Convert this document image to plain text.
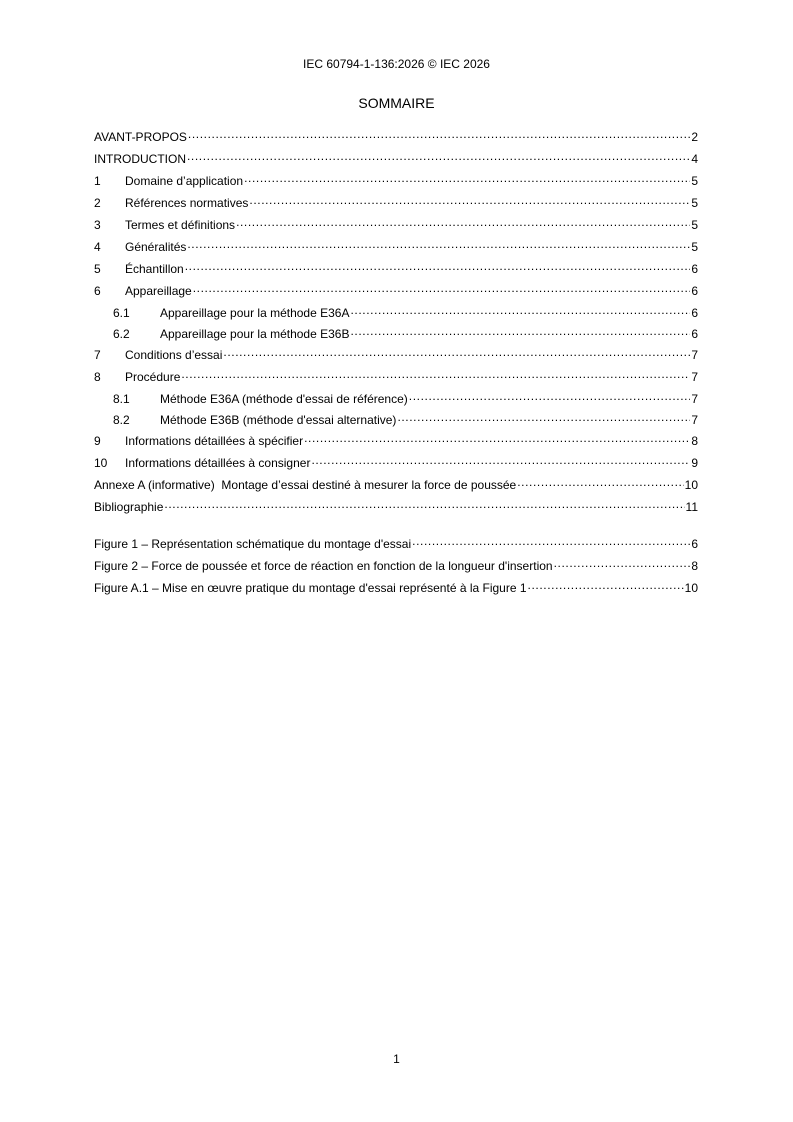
IEC 60794-1-136:2026 © IEC 2026
SOMMAIRE
AVANT-PROPOS .....	2
INTRODUCTION .....	4
1	Domaine d’application .....	5
2	Références normatives .....	5
3	Termes et définitions .....	5
4	Généralités .....	5
5	Échantillon .....	6
6	Appareillage .....	6
6.1	Appareillage pour la méthode E36A .....	6
6.2	Appareillage pour la méthode E36B .....	6
7	Conditions d’essai .....	7
8	Procédure .....	7
8.1	Méthode E36A (méthode d'essai de référence) .....	7
8.2	Méthode E36B (méthode d'essai alternative) .....	7
9	Informations détaillées à spécifier .....	8
10	Informations détaillées à consigner .....	9
Annexe A (informative)  Montage d’essai destiné à mesurer la force de poussée .....	10
Bibliographie .....	11
Figure 1 – Représentation schématique du montage d'essai .....	6
Figure 2 – Force de poussée et force de réaction en fonction de la longueur d'insertion .....	8
Figure A.1 – Mise en œuvre pratique du montage d'essai représenté à la Figure 1 .....	10
1
